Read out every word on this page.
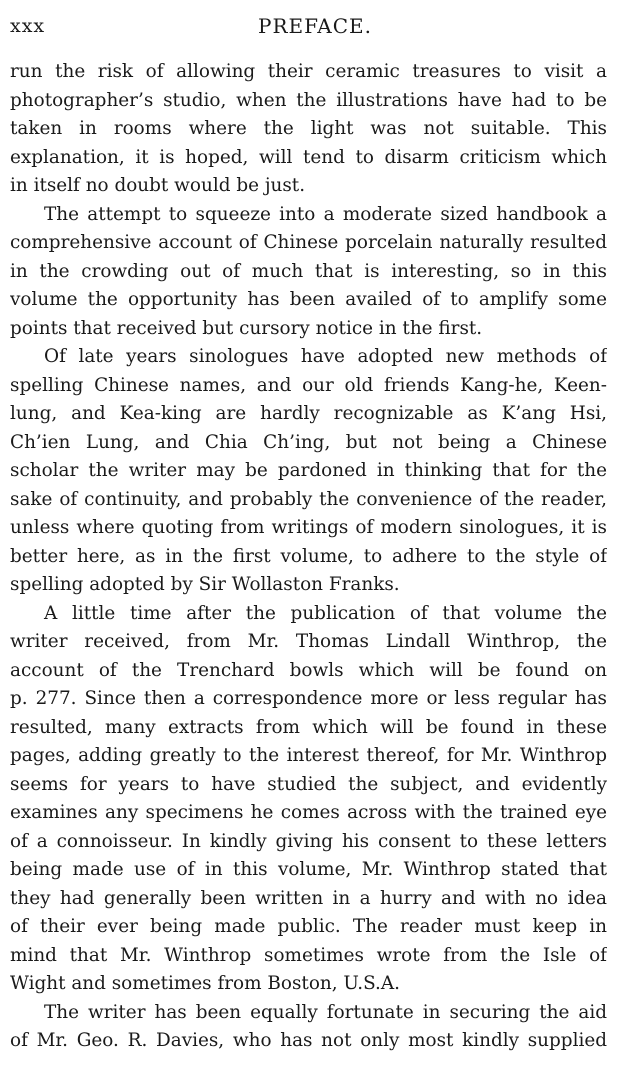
xxx	PREFACE.
run the risk of allowing their ceramic treasures to visit a
photographer’s studio, when the illustrations have had to be
taken in rooms where the light was not suitable. This
explanation, it is hoped, will tend to disarm criticism which
in itself no doubt would be just.
The attempt to squeeze into a moderate sized handbook a
comprehensive account of Chinese porcelain naturally resulted
in the crowding out of much that is interesting, so in this
volume the opportunity has been availed of to amplify some
points that received but cursory notice in the first.
Of late years sinologues have adopted new methods of
spelling Chinese names, and our old friends Kang-he, Keen-
lung, and Kea-king are hardly recognizable as K’ang Hsi,
Ch’ien Lung, and Chia Ch’ing, but not being a Chinese
scholar the writer may be pardoned in thinking that for the
sake of continuity, and probably the convenience of the reader,
unless where quoting from writings of modern sinologues, it is
better here, as in the first volume, to adhere to the style of
spelling adopted by Sir Wollaston Franks.
A little time after the publication of that volume the
writer received, from Mr. Thomas Lindall Winthrop, the
account of the Trenchard bowls which will be found on
p. 277. Since then a correspondence more or less regular has
resulted, many extracts from which will be found in these
pages, adding greatly to the interest thereof, for Mr. Winthrop
seems for years to have studied the subject, and evidently
examines any specimens he comes across with the trained eye
of a connoisseur. In kindly giving his consent to these letters
being made use of in this volume, Mr. Winthrop stated that
they had generally been written in a hurry and with no idea
of their ever being made public. The reader must keep in
mind that Mr. Winthrop sometimes wrote from the Isle of
Wight and sometimes from Boston, U.S.A.
The writer has been equally fortunate in securing the aid
of Mr. Geo. R. Davies, who has not only most kindly supplied
